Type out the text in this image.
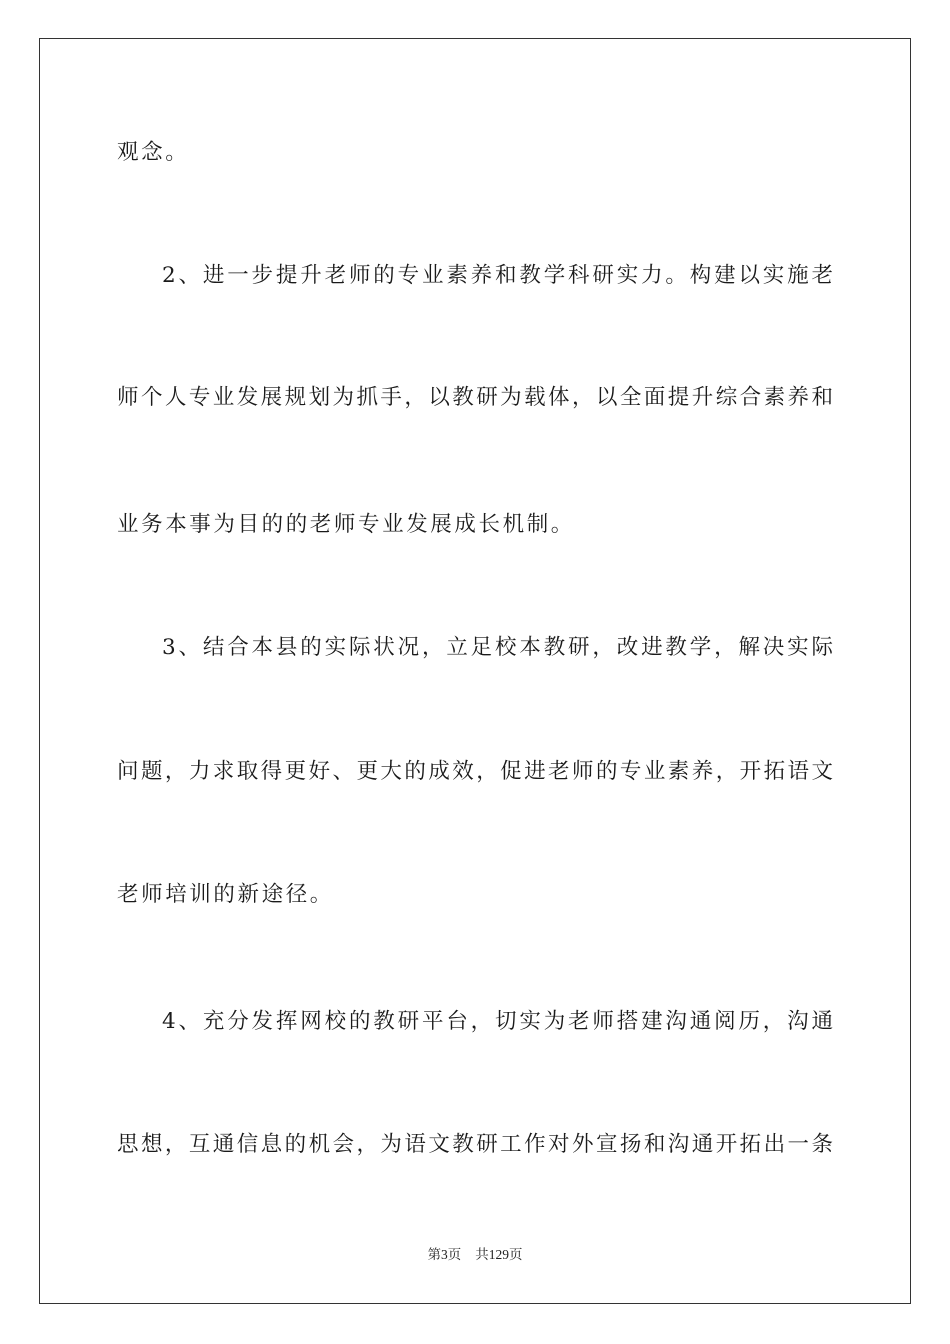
观念。
2、进一步提升老师的专业素养和教学科研实力。构建以实施老
师个人专业发展规划为抓手，以教研为载体，以全面提升综合素养和
业务本事为目的的老师专业发展成长机制。
3、结合本县的实际状况，立足校本教研，改进教学，解决实际
问题，力求取得更好、更大的成效，促进老师的专业素养，开拓语文
老师培训的新途径。
4、充分发挥网校的教研平台，切实为老师搭建沟通阅历，沟通
思想，互通信息的机会，为语文教研工作对外宣扬和沟通开拓出一条
第3页 共129页
